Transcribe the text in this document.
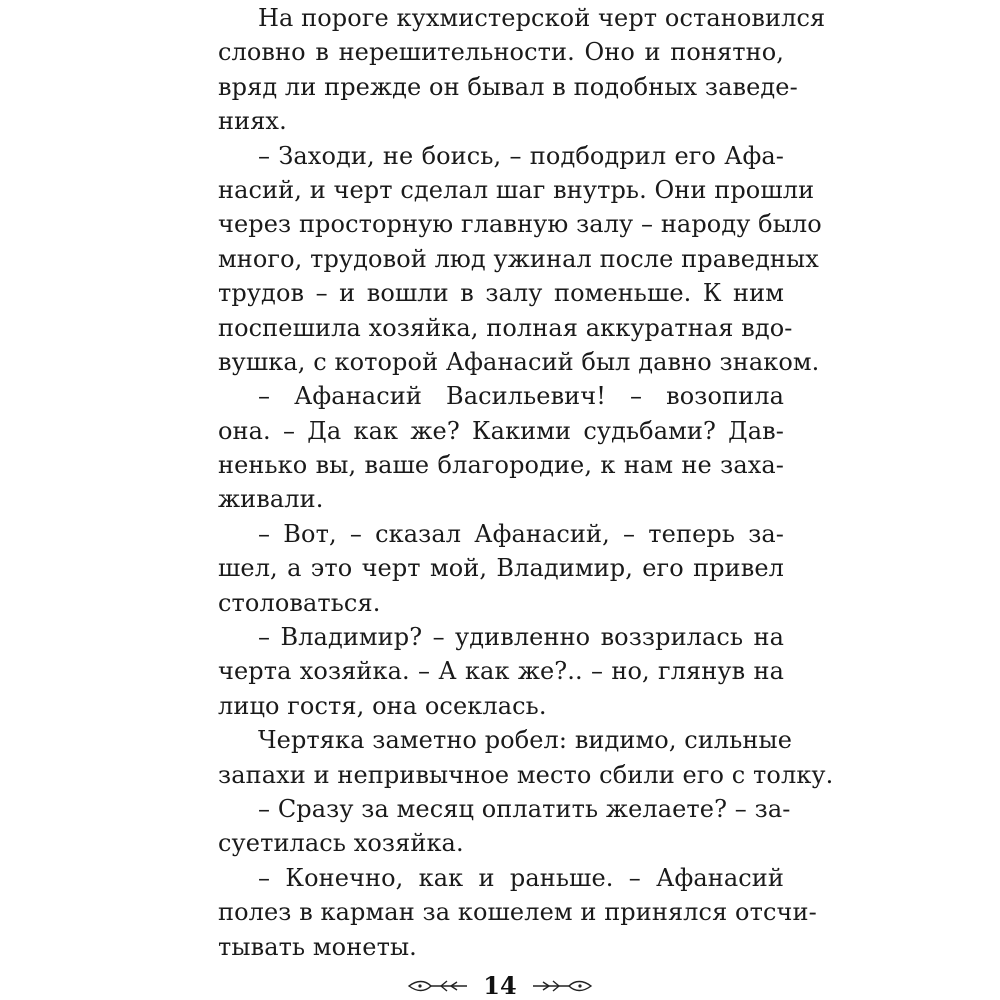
На пороге кухмистерской черт остановился
словно в нерешительности. Оно и понятно,
вряд ли прежде он бывал в подобных заведе-
ниях.
– Заходи, не боись, – подбодрил его Афа-
насий, и черт сделал шаг внутрь. Они прошли
через просторную главную залу – народу было
много, трудовой люд ужинал после праведных
трудов – и вошли в залу поменьше. К ним
поспешила хозяйка, полная аккуратная вдо-
вушка, с которой Афанасий был давно знаком.
– Афанасий Васильевич! – возопила
она. – Да как же? Какими судьбами? Дав-
ненько вы, ваше благородие, к нам не заха-
живали.
– Вот, – сказал Афанасий, – теперь за-
шел, а это черт мой, Владимир, его привел
столоваться.
– Владимир? – удивленно воззрилась на
черта хозяйка. – А как же?.. – но, глянув на
лицо гостя, она осеклась.
Чертяка заметно робел: видимо, сильные
запахи и непривычное место сбили его с толку.
– Сразу за месяц оплатить желаете? – за-
суетилась хозяйка.
– Конечно, как и раньше. – Афанасий
полез в карман за кошелем и принялся отсчи-
тывать монеты.
14
